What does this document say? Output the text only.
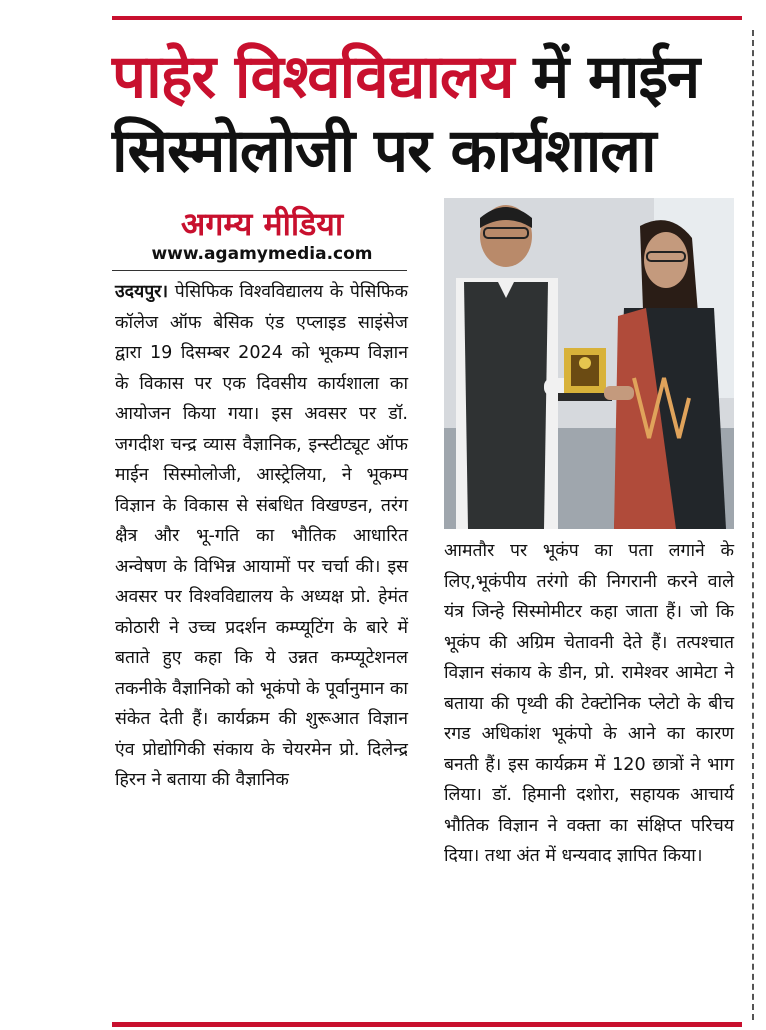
पाहेर विश्वविद्यालय में माईन
सिस्मोलोजी पर कार्यशाला
अगम्य मीडिया
www.agamymedia.com
उदयपुर। पेसिफिक विश्वविद्यालय के पेसिफिक कॉलेज ऑफ बेसिक एंड एप्लाइड साइंसेज द्वारा 19 दिसम्बर 2024 को भूकम्प विज्ञान के विकास पर एक दिवसीय कार्यशाला का आयोजन किया गया। इस अवसर पर डॉ. जगदीश चन्द्र व्यास वैज्ञानिक, इन्स्टीट्यूट ऑफ माईन सिस्मोलोजी, आस्ट्रेलिया, ने भूकम्प विज्ञान के विकास से संबधित विखण्डन, तरंग क्षैत्र और भू-गति का भौतिक आधारित अन्वेषण के विभिन्न आयामों पर चर्चा की। इस अवसर पर विश्वविद्यालय के अध्यक्ष प्रो. हेमंत कोठारी ने उच्च प्रदर्शन कम्प्यूटिंग के बारे में बताते हुए कहा कि ये उन्नत कम्प्यूटेशनल तकनीके वैज्ञानिको को भूकंपो के पूर्वानुमान का संकेत देती हैं। कार्यक्रम की शुरूआत विज्ञान एंव प्रोद्योगिकी संकाय के चेयरमेन प्रो. दिलेन्द्र हिरन ने बताया की वैज्ञानिक
आमतौर पर भूकंप का पता लगाने के लिए,भूकंपीय तरंगो की निगरानी करने वाले यंत्र जिन्हे सिस्मोमीटर कहा जाता हैं। जो कि भूकंप की अग्रिम चेतावनी देते हैं। तत्पश्चात विज्ञान संकाय के डीन, प्रो. रामेश्वर आमेटा ने बताया की पृथ्वी की टेक्टोनिक प्लेटो के बीच रगड अधिकांश भूकंपो के आने का कारण बनती हैं। इस कार्यक्रम में 120 छात्रों ने भाग लिया। डॉ. हिमानी दशोरा, सहायक आचार्य भौतिक विज्ञान ने वक्ता का संक्षिप्त परिचय दिया। तथा अंत में धन्यवाद ज्ञापित किया।
